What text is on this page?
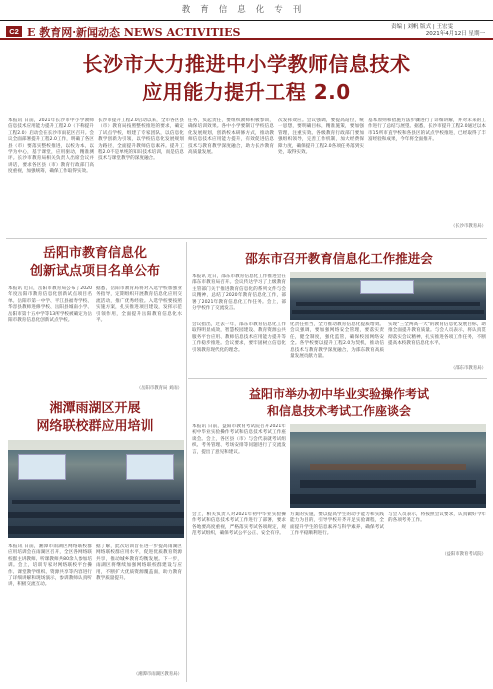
教育信息化专刊
C2 E 教育网·新闻动态 NEWS ACTIVITIES	责编 | 刘帆 版式 | 王宏雯
2021年4月12日 星期一
长沙市大力推进中小学教师信息技术
应用能力提升工程 2.0
本报讯 日前，2021年长沙市中小学教师信息技术应用能力提升工程2.0（下称提升工程2.0）启动会在长沙市雨花区召开。会议全面部署提升工程2.0工作，明确了各区县（市）要落实整校推进，以校为本，以学为中心，基于课堂，应用驱动，精准测评。长沙市教育局相关负责人出席会议并讲话，要求各区县（市）教育行政部门高度重视，加强统筹，确保工作取得实效。
长沙市提升工程2.0启动以来，全市各区县（市）教育局按照整校推进的要求，确定了试点学校，组建了专家团队，以信息化教学创新为引领，以学校信息化发展规划为路径，全面提升教师信息素养。提升工程2.0不是单纯的知识技术培训，而是信息技术与课堂教学的深度融合。
任务，负起责任，要组织教师积极参训，确保培训效果。各中小学要制订学校信息化发展规划，创新校本研修方式，推动教师信息技术应用能力提升，有效促进信息技术与教育教学深度融合，助力长沙教育高质量发展。
次发挥效应。会议强调，要提高站位，统一思想，要明确目标，精准施策，要加强管理，注重实效。各级教育行政部门要加强组织领导，完善工作机制，加大经费保障力度，确保提升工程2.0各项任务落到实处，取得实效。
基本原则和措施方法步骤进行了详细讲解，并对未来的工作进行了总结与展望。据悉，长沙市提升工程2.0通过以本市15所市直学校和各县区的试点学校推进，已经取得了丰富经验和成果，今年将全面推开。
（长沙市教育局）
岳阳市教育信息化
创新试点项目名单公布
本报讯 近日，岳阳市教育局公布了2020年度岳阳市教育信息化创新试点项目名单。岳阳市第一中学、平江县福寿学校、华容县教师进修学校、岳阳县城南小学、岳阳市第十五中学等13所学校被确定为岳阳市教育信息化创新试点学校。
据悉，岳阳市教育局将对入选学校加强业务指导，定期组织开展教育信息化应用交流活动，推广优秀经验。入选学校要按照实施方案，扎实推进项目建设，发挥示范引领作用，全面提升岳阳教育信息化水平。
（岳阳市教育局 刘雨）
邵东市召开教育信息化工作推进会
本报讯 近日，邵东市教育信息化工作推进会在邵东市教育局召开。会议传达学习了上级教育主管部门关于推进教育信息化的系列文件与会议精神，总结了2020年教育信息化工作，部署了2021年教育信息化工作任务。会上，部分学校作了交流发言。
会议指出，过去一年，邵东市教育信息化工作取得明显成效，智慧校园建设、教育资源公共服务平台应用、教师信息技术应用能力提升等工作稳步推进。会议要求，要牢固树立信息化引领教育现代化的理念。
化责任担当，全力推动教育信息化提质增效。会议强调，要加强网络安全管理，要落实责任，健全制度，强化监管，确保校园网络安全。各学校要以提升工程2.0为契机，推动信息技术与教育教学深度融合，为邵东教育高质量发展贡献力量。
实现"三全两高一大"的教育信息化发展目标，助推全面提升教育质量。与会人员表示，将认真贯彻落实会议精神，扎实推进各项工作任务，不断提高本校教育信息化水平。
（邵东市教育局）
湘潭雨湖区开展
网络联校群应用培训
本报讯 日前，湘潭市雨湖区网络联校群应用培训会在雨湖区召开，全区各网络联校群主讲教师、听课教师共80余人参加培训。会上，培训专家对网络联校平台操作、课堂教学组织、资源共享等内容进行了详细讲解和现场演示，参训教师认真听讲，积极交流互动。
据了解，此次培训旨在进一步提高雨湖区网络联校群应用水平，促进优质教育资源共享，推动城乡教育均衡发展。下一步，雨湖区将继续加强网络联校群建设与应用，不断扩大优质资源覆盖面，助力教育教学质量提升。
（湘潭市雨湖区教育局）
益阳市举办初中毕业实验操作考试
和信息技术考试工作座谈会
本报讯 日前，益阳市教育考试院召开2021年初中毕业实验操作考试和信息技术考试工作座谈会。会上，各区县（市）与会代表就考试组织、考务管理、考场安排等问题进行了交流发言，提出了意见和建议。
会上，相关负责人对2021年初中毕业实验操作考试和信息技术考试工作进行了部署，要求各地要高度重视，严格落实考试各项规定，规范考试组织，确保考试公平公正、安全有序。
方案的实施，要以提高学生的动手能力和实践能力为目的，引导学校开齐开足实验课程，全面提升学生的信息素养与科学素养，确保考试工作平稳顺利进行。
与会人员表示，将按照会议要求，认真做好今年的各项考务工作。
（益阳市教育考试院）
